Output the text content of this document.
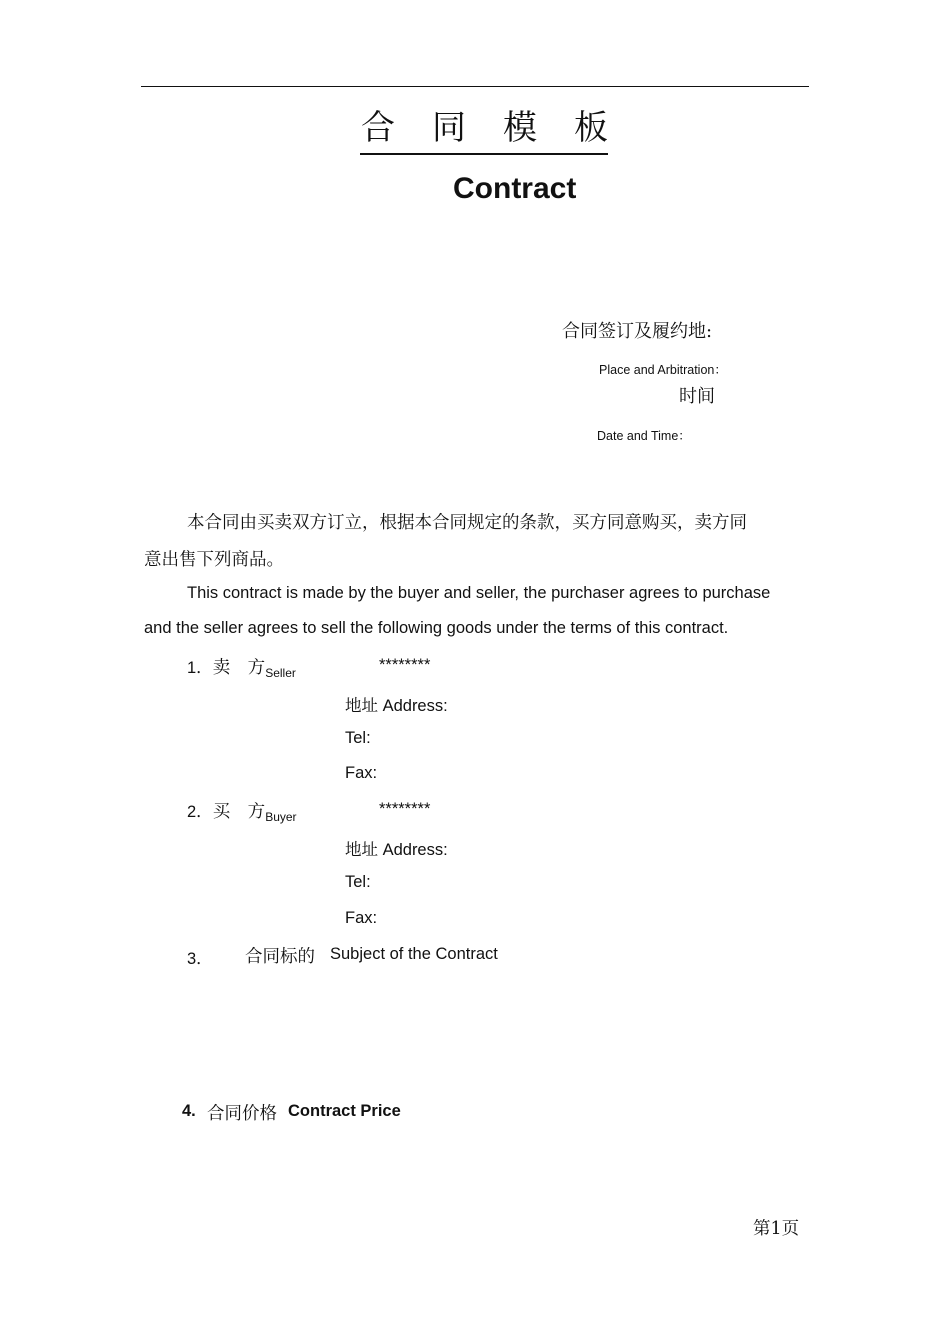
合 同 模 板
Contract
合同签订及履约地:
Place and Arbitration：
时间
Date and Time：
本合同由买卖双方订立，根据本合同规定的条款，买方同意购买，卖方同
意出售下列商品。
This contract is made by the buyer and seller, the purchaser agrees to purchase
and the seller agrees to sell the following goods under the terms of this contract.
1．卖　方$_{Seller}$	********
地址 Address:
Tel:
Fax:
2．买　方$_{Buyer}$	********
地址 Address:
Tel:
Fax:
3． 合同标的 Subject of the Contract
4. 合同价格 Contract Price
第1页
